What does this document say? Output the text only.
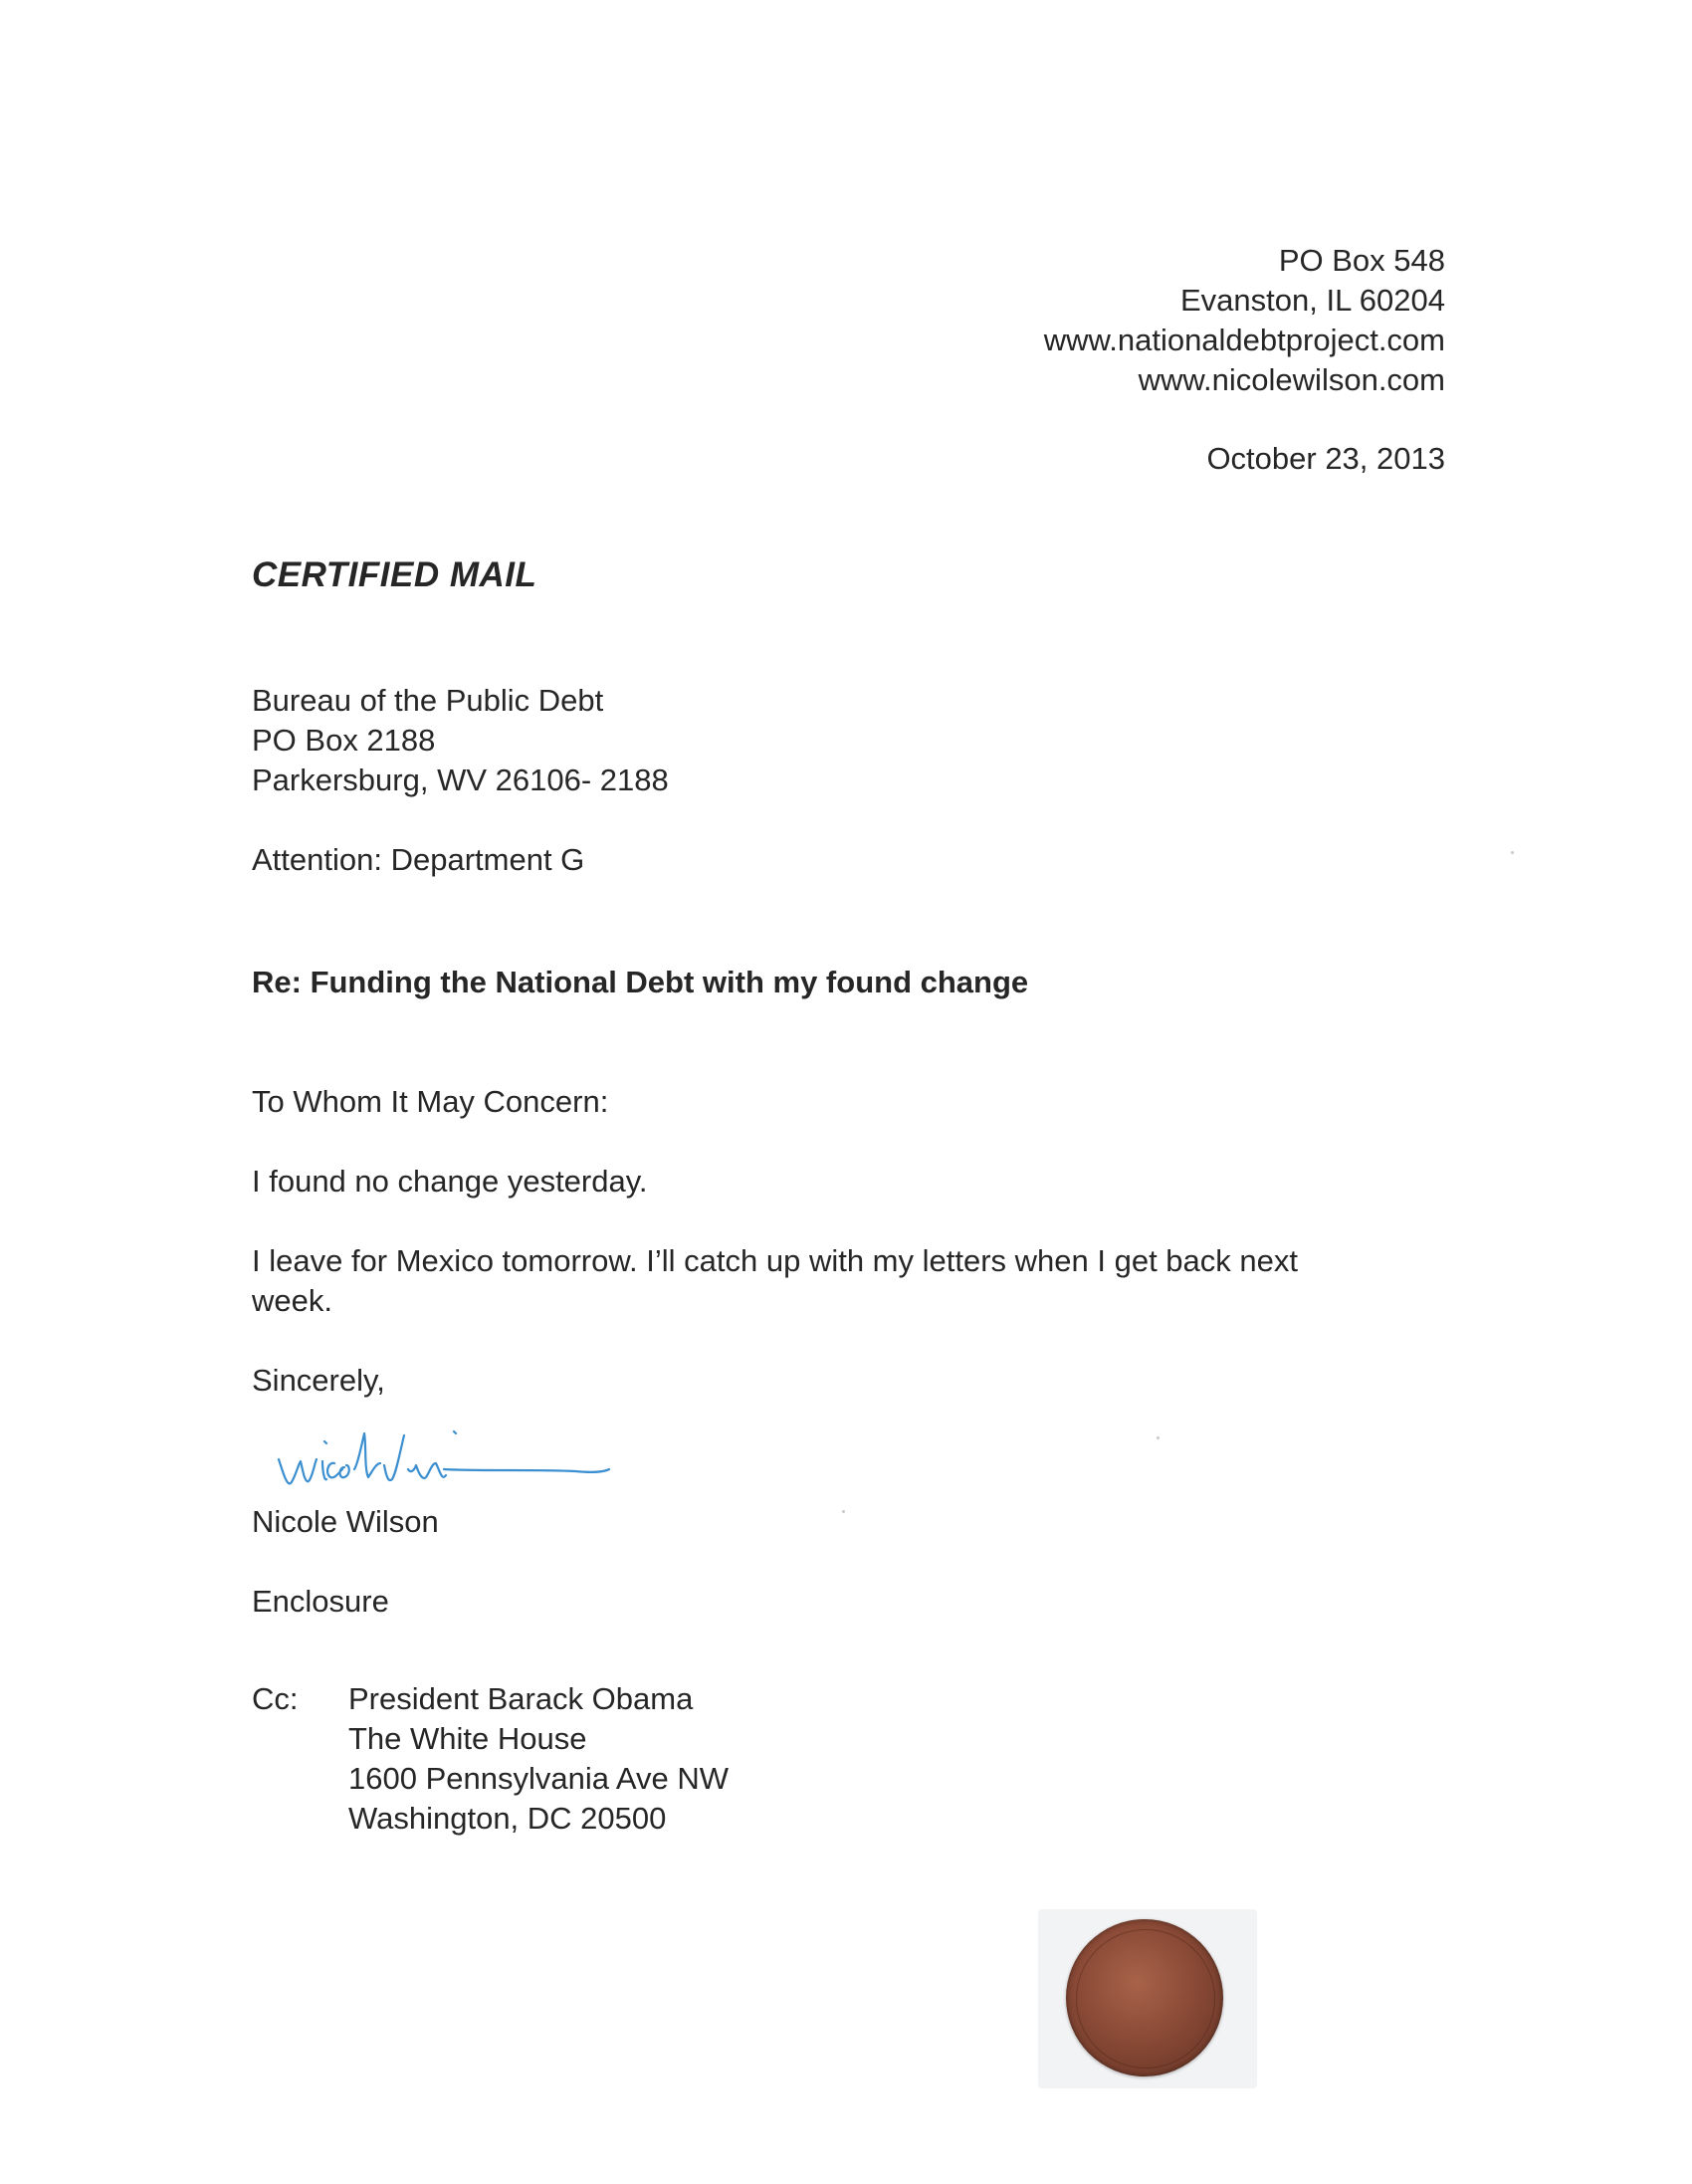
PO Box 548
Evanston, IL 60204
www.nationaldebtproject.com
www.nicolewilson.com
October 23, 2013
CERTIFIED MAIL
Bureau of the Public Debt
PO Box 2188
Parkersburg, WV 26106- 2188
Attention: Department G
Re: Funding the National Debt with my found change
To Whom It May Concern:
I found no change yesterday.
I leave for Mexico tomorrow. I’ll catch up with my letters when I get back next
week.
Sincerely,
Nicole Wilson
Enclosure
Cc: President Barack Obama
The White House
1600 Pennsylvania Ave NW
Washington, DC 20500
